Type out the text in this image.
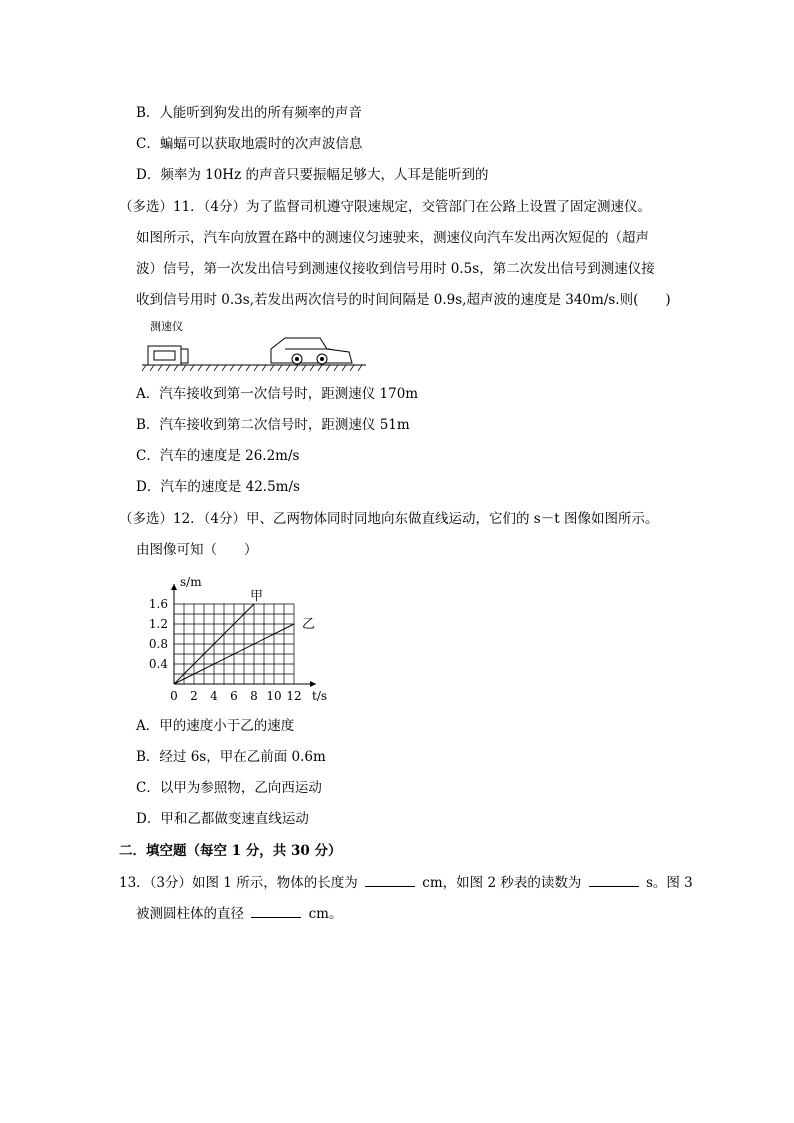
B．人能听到狗发出的所有频率的声音
C．蝙蝠可以获取地震时的次声波信息
D．频率为 10Hz 的声音只要振幅足够大，人耳是能听到的
（多选）11．（4分）为了监督司机遵守限速规定，交管部门在公路上设置了固定测速仪。
如图所示，汽车向放置在路中的测速仪匀速驶来，测速仪向汽车发出两次短促的（超声
波）信号，第一次发出信号到测速仪接收到信号用时 0.5s，第二次发出信号到测速仪接
收到信号用时 0.3s,若发出两次信号的时间间隔是 0.9s,超声波的速度是 340m/s.则(　　)
测速仪
A．汽车接收到第一次信号时，距测速仪 170m
B．汽车接收到第二次信号时，距测速仪 51m
C．汽车的速度是 26.2m/s
D．汽车的速度是 42.5m/s
（多选）12．（4分）甲、乙两物体同时同地向东做直线运动，它们的 s－t 图像如图所示。
由图像可知（　　）
0 2 4 6 8 10 12
0.4
0.8
1.2
1.6
t/s
s/m
甲
乙
A．甲的速度小于乙的速度
B．经过 6s，甲在乙前面 0.6m
C．以甲为参照物，乙向西运动
D．甲和乙都做变速直线运动
二．填空题（每空 1 分，共 30 分）
13．（3分）如图 1 所示，物体的长度为	cm，如图 2 秒表的读数为	s。图 3
被测圆柱体的直径	cm。
